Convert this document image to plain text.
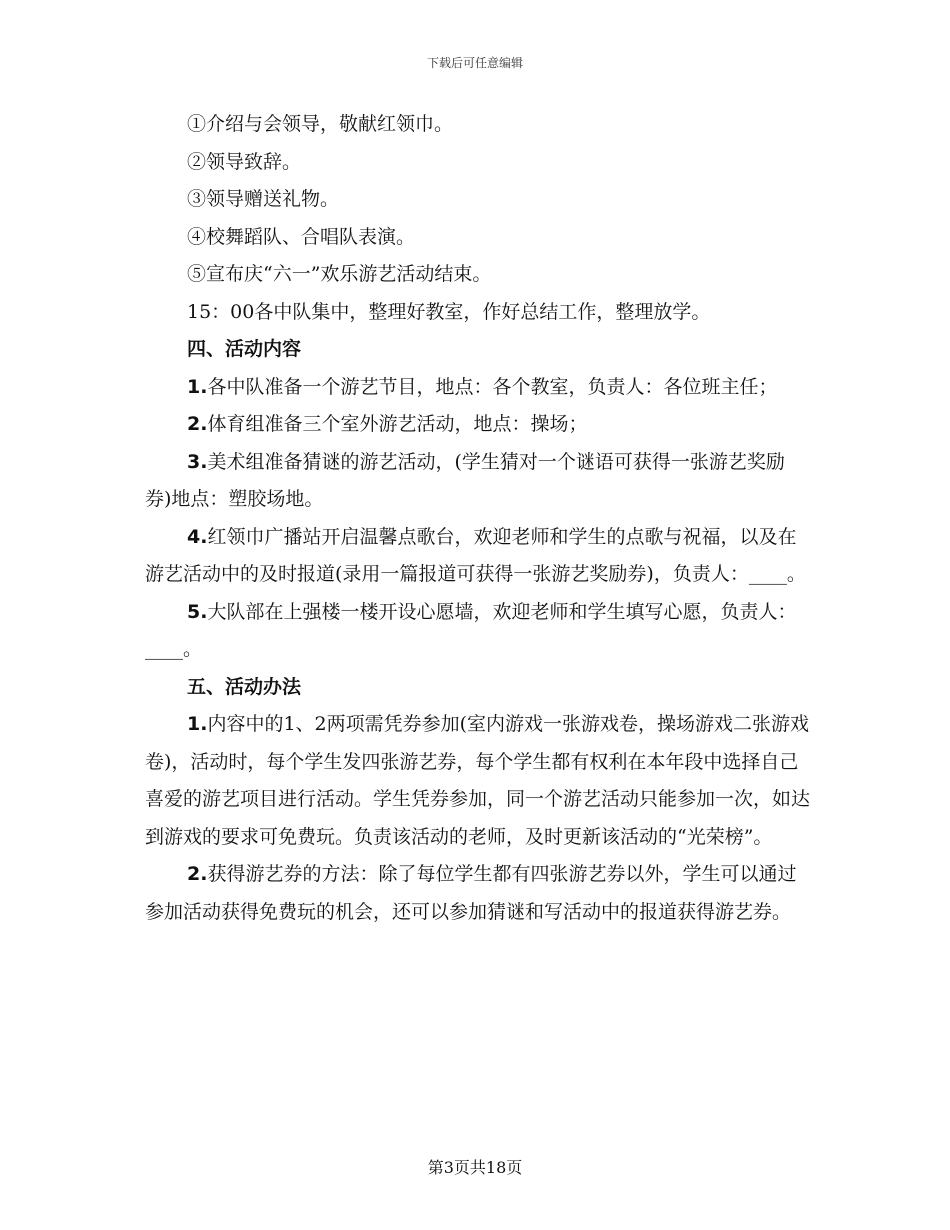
下载后可任意编辑

①介绍与会领导，敬献红领巾。

②领导致辞。

③领导赠送礼物。

④校舞蹈队、合唱队表演。

⑤宣布庆“六一”欢乐游艺活动结束。

15：00各中队集中，整理好教室，作好总结工作，整理放学。

四、活动内容

1.各中队准备一个游艺节目，地点：各个教室，负责人：各位班主任；

2.体育组准备三个室外游艺活动，地点：操场；

3.美术组准备猜谜的游艺活动，(学生猜对一个谜语可获得一张游艺奖励券)地点：塑胶场地。

4.红领巾广播站开启温馨点歌台，欢迎老师和学生的点歌与祝福，以及在游艺活动中的及时报道(录用一篇报道可获得一张游艺奖励券)，负责人：____。

5.大队部在上强楼一楼开设心愿墙，欢迎老师和学生填写心愿，负责人：____。

五、活动办法

1.内容中的1、2两项需凭券参加(室内游戏一张游戏卷，操场游戏二张游戏卷)，活动时，每个学生发四张游艺券，每个学生都有权利在本年段中选择自己喜爱的游艺项目进行活动。学生凭券参加，同一个游艺活动只能参加一次，如达到游戏的要求可免费玩。负责该活动的老师，及时更新该活动的“光荣榜”。

2.获得游艺券的方法：除了每位学生都有四张游艺券以外，学生可以通过参加活动获得免费玩的机会，还可以参加猜谜和写活动中的报道获得游艺券。

第3页共18页
